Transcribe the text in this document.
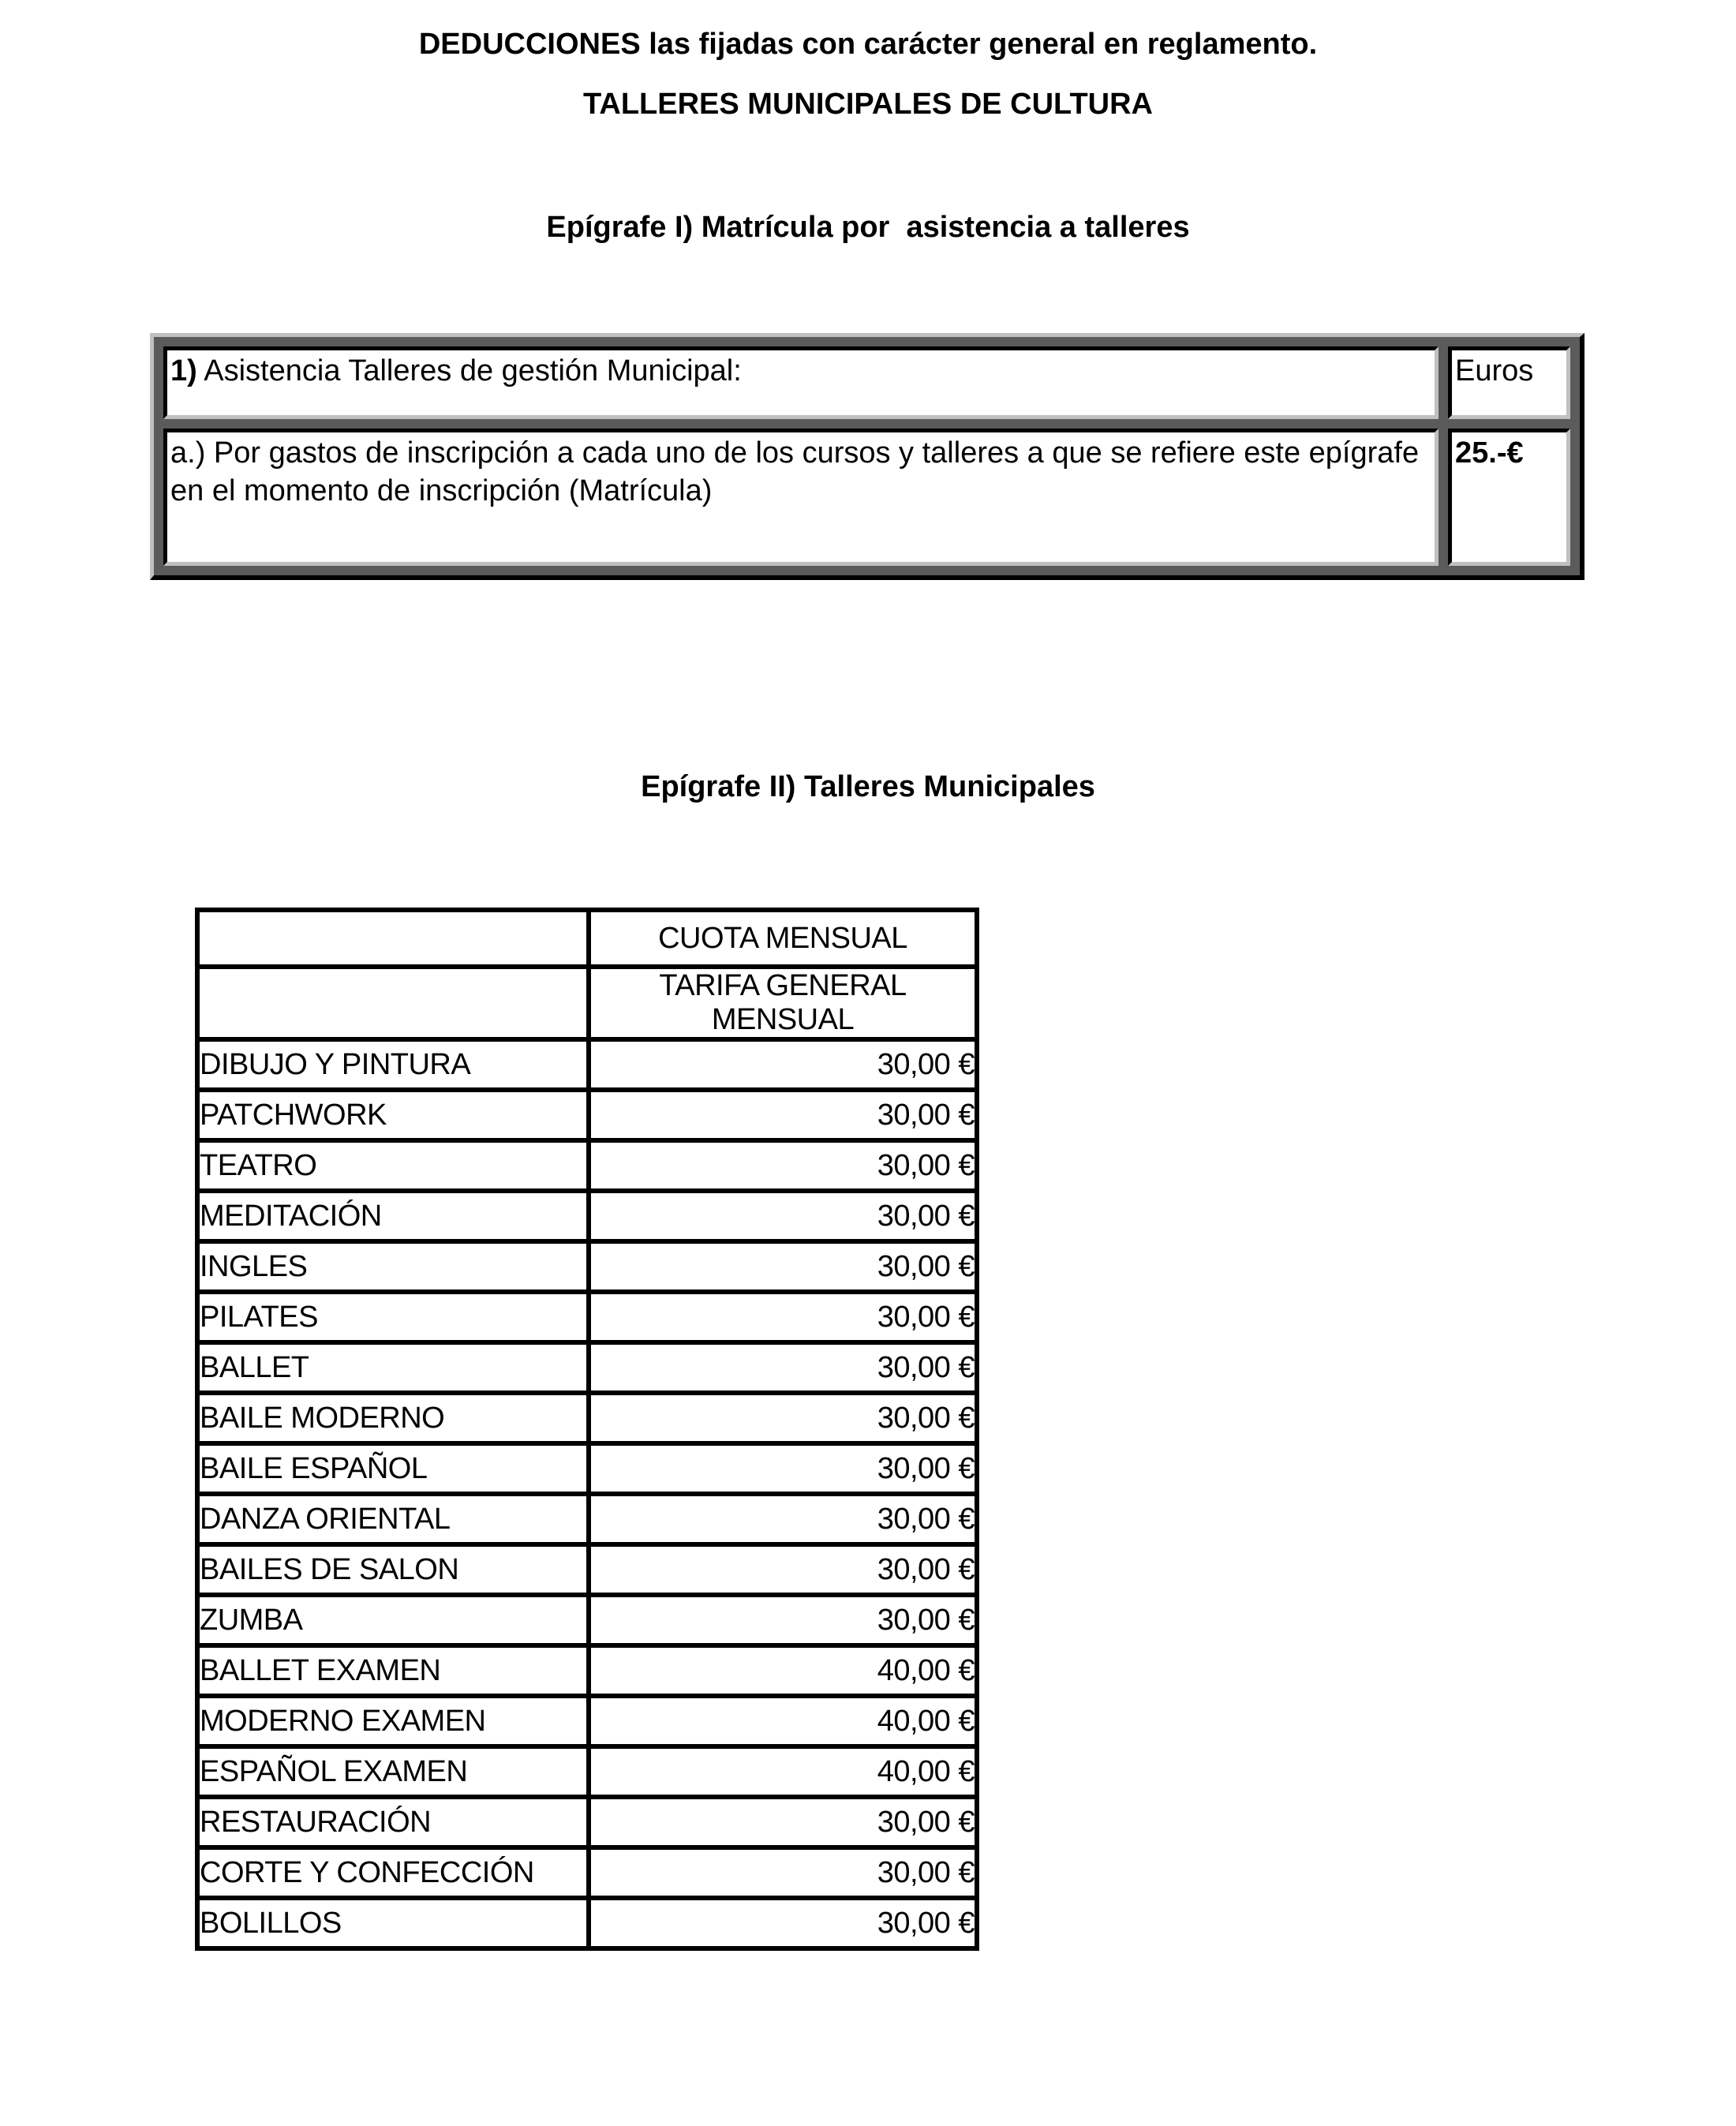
DEDUCCIONES las fijadas con carácter general en reglamento.
TALLERES MUNICIPALES DE CULTURA
Epígrafe I) Matrícula por  asistencia a talleres
1) Asistencia Talleres de gestión Municipal:	Euros
a.) Por gastos de inscripción a cada uno de los cursos y talleres a que se refiere este epígrafe en el momento de inscripción (Matrícula)	25.-€
Epígrafe II) Talleres Municipales
	CUOTA MENSUAL
	TARIFA GENERAL MENSUAL
DIBUJO Y PINTURA	30,00 €
PATCHWORK	30,00 €
TEATRO	30,00 €
MEDITACIÓN	30,00 €
INGLES	30,00 €
PILATES	30,00 €
BALLET	30,00 €
BAILE MODERNO	30,00 €
BAILE ESPAÑOL	30,00 €
DANZA ORIENTAL	30,00 €
BAILES DE SALON	30,00 €
ZUMBA	30,00 €
BALLET EXAMEN	40,00 €
MODERNO EXAMEN	40,00 €
ESPAÑOL EXAMEN	40,00 €
RESTAURACIÓN	30,00 €
CORTE Y CONFECCIÓN	30,00 €
BOLILLOS	30,00 €
